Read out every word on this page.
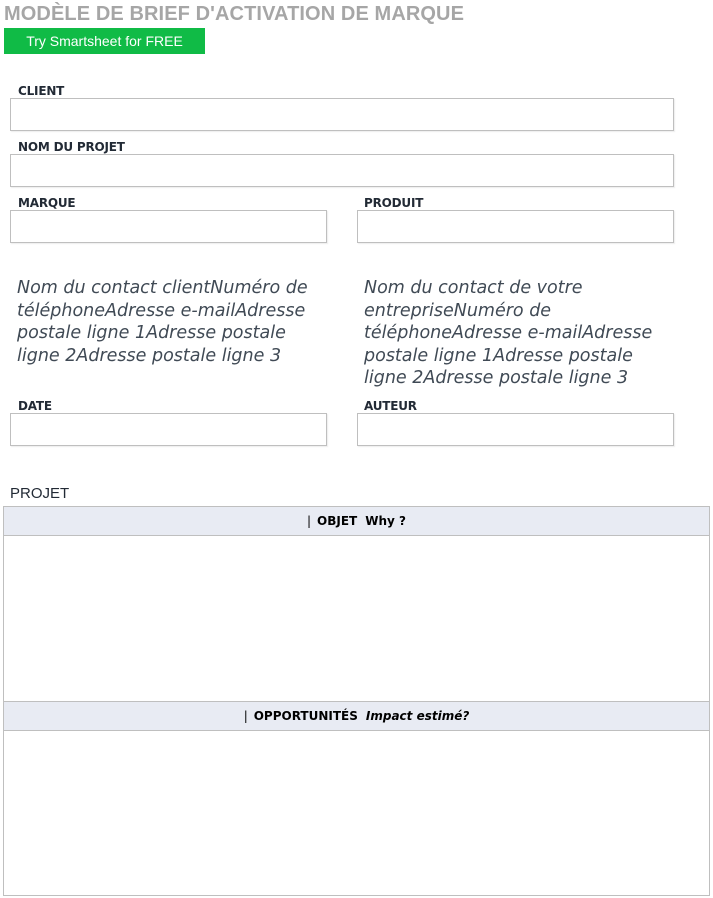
MODÈLE DE BRIEF D'ACTIVATION DE MARQUE
Try Smartsheet for FREE
CLIENT
NOM DU PROJET
MARQUE	PRODUIT
Nom du contact clientNuméro de téléphoneAdresse e-mailAdresse postale ligne 1Adresse postale ligne 2Adresse postale ligne 3
Nom du contact de votre entrepriseNuméro de téléphoneAdresse e-mailAdresse postale ligne 1Adresse postale ligne 2Adresse postale ligne 3
DATE	AUTEUR
PROJET
| OBJET Why ?
| OPPORTUNITÉS Impact estimé?
